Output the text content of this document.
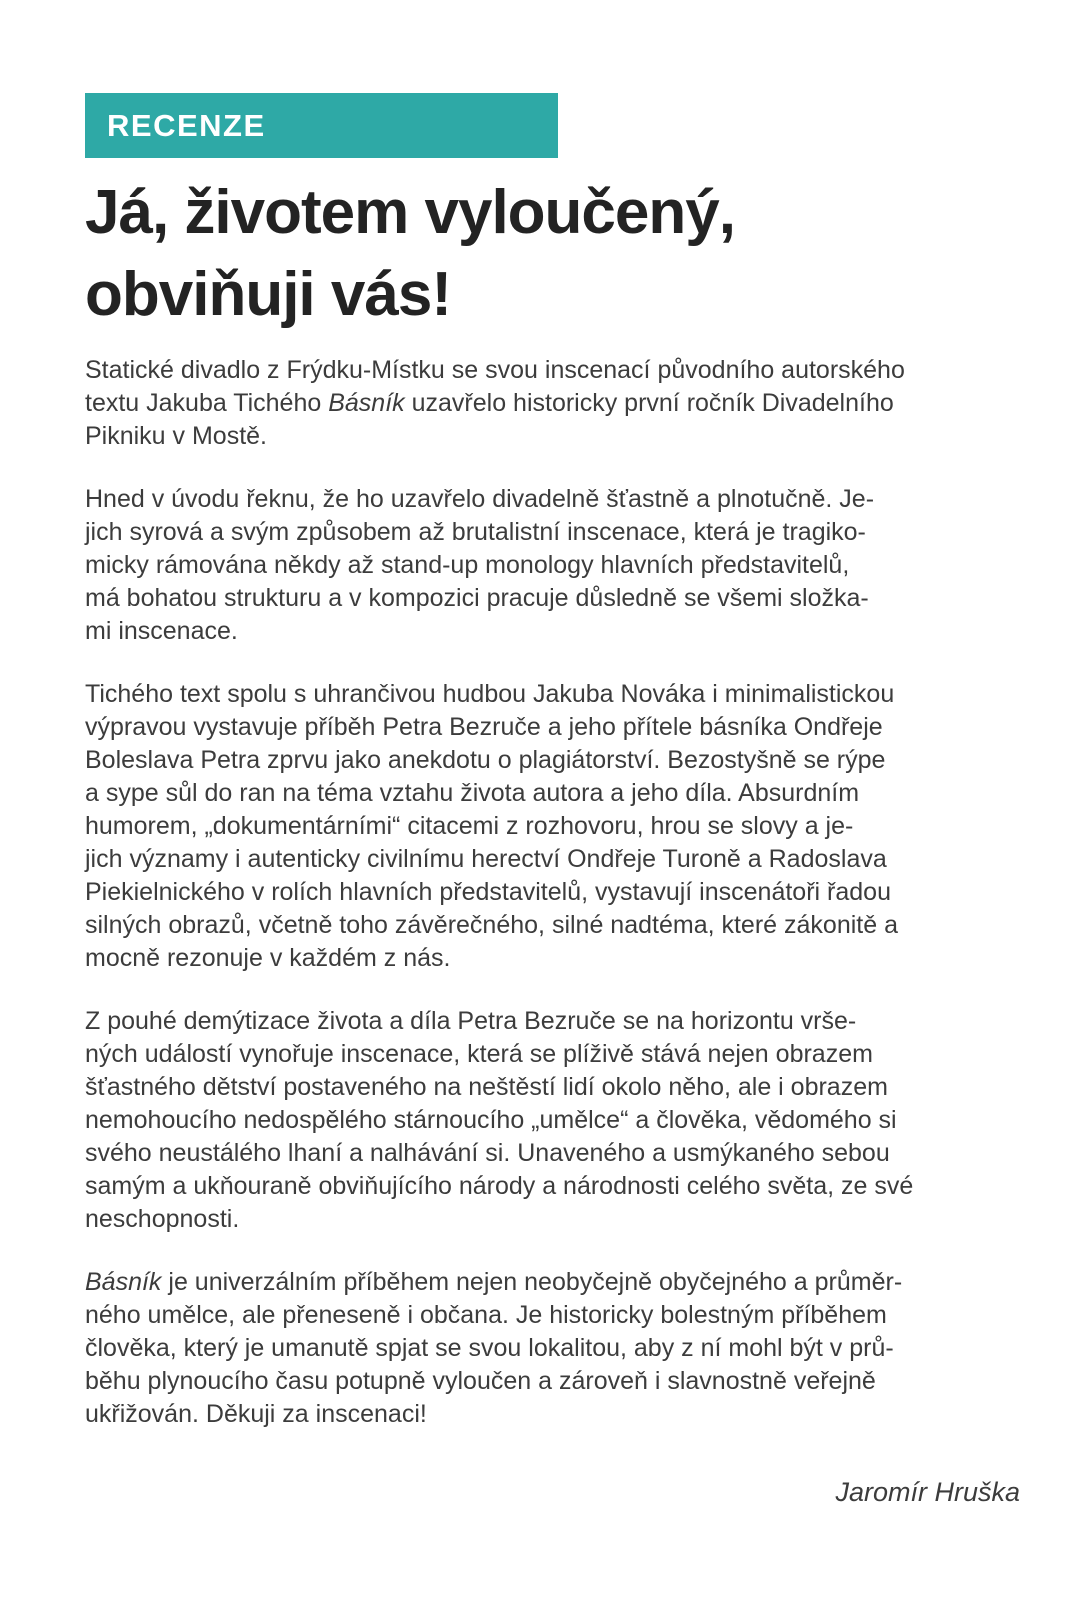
RECENZE
Já, životem vyloučený,
obviňuji vás!

Statické divadlo z Frýdku-Místku se svou inscenací původního autorského
textu Jakuba Tichého Básník uzavřelo historicky první ročník Divadelního
Pikniku v Mostě.

Hned v úvodu řeknu, že ho uzavřelo divadelně šťastně a plnotučně. Je-
jich syrová a svým způsobem až brutalistní inscenace, která je tragiko-
micky rámována někdy až stand-up monology hlavních představitelů,
má bohatou strukturu a v kompozici pracuje důsledně se všemi složka-
mi inscenace.

Tichého text spolu s uhrančivou hudbou Jakuba Nováka i minimalistickou
výpravou vystavuje příběh Petra Bezruče a jeho přítele básníka Ondřeje
Boleslava Petra zprvu jako anekdotu o plagiátorství. Bezostyšně se rýpe
a sype sůl do ran na téma vztahu života autora a jeho díla. Absurdním
humorem, „dokumentárními“ citacemi z rozhovoru, hrou se slovy a je-
jich významy i autenticky civilnímu herectví Ondřeje Turoně a Radoslava
Piekielnického v rolích hlavních představitelů, vystavují inscenátoři řadou
silných obrazů, včetně toho závěrečného, silné nadtéma, které zákonitě a
mocně rezonuje v každém z nás.

Z pouhé demýtizace života a díla Petra Bezruče se na horizontu vrše-
ných událostí vynořuje inscenace, která se plíživě stává nejen obrazem
šťastného dětství postaveného na neštěstí lidí okolo něho, ale i obrazem
nemohoucího nedospělého stárnoucího „umělce“ a člověka, vědomého si
svého neustálého lhaní a nalhávání si. Unaveného a usmýkaného sebou
samým a ukňouraně obviňujícího národy a národnosti celého světa, ze své
neschopnosti.

Básník je univerzálním příběhem nejen neobyčejně obyčejného a průměr-
ného umělce, ale přeneseně i občana. Je historicky bolestným příběhem
člověka, který je umanutě spjat se svou lokalitou, aby z ní mohl být v prů-
běhu plynoucího času potupně vyloučen a zároveň i slavnostně veřejně
ukřižován. Děkuji za inscenaci!

Jaromír Hruška
